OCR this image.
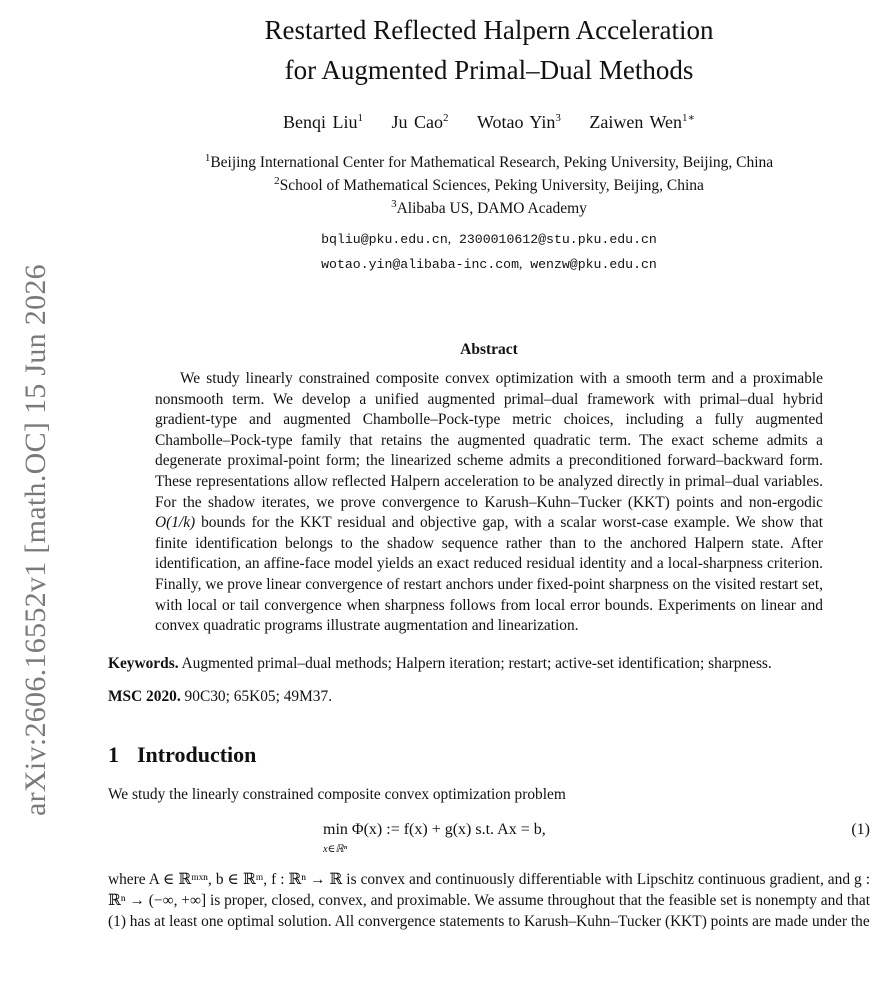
arXiv:2606.16552v1 [math.OC] 15 Jun 2026
Restarted Reflected Halpern Acceleration
for Augmented Primal–Dual Methods
Benqi Liu$^1$ Ju Cao$^2$ Wotao Yin$^3$ Zaiwen Wen$^{1∗}$
$^1$Beijing International Center for Mathematical Research, Peking University, Beijing, China
$^2$School of Mathematical Sciences, Peking University, Beijing, China
$^3$Alibaba US, DAMO Academy
bqliu@pku.edu.cn, 2300010612@stu.pku.edu.cn
wotao.yin@alibaba-inc.com, wenzw@pku.edu.cn
Abstract
We study linearly constrained composite convex optimization with a smooth term and a proximable nonsmooth term. We develop a unified augmented primal–dual framework with primal–dual hybrid gradient-type and augmented Chambolle–Pock-type metric choices, including a fully augmented Chambolle–Pock-type family that retains the augmented quadratic term. The exact scheme admits a degenerate proximal-point form; the linearized scheme admits a preconditioned forward–backward form. These representations allow reflected Halpern acceleration to be analyzed directly in primal–dual variables. For the shadow iterates, we prove convergence to Karush–Kuhn–Tucker (KKT) points and non-ergodic O(1/k) bounds for the KKT residual and objective gap, with a scalar worst-case example. We show that finite identification belongs to the shadow sequence rather than to the anchored Halpern state. After identification, an affine-face model yields an exact reduced residual identity and a local-sharpness criterion. Finally, we prove linear convergence of restart anchors under fixed-point sharpness on the visited restart set, with local or tail convergence when sharpness follows from local error bounds. Experiments on linear and convex quadratic programs illustrate augmentation and linearization.
Keywords. Augmented primal–dual methods; Halpern iteration; restart; active-set identification; sharpness.
MSC 2020. 90C30; 65K05; 49M37.
1 Introduction
We study the linearly constrained composite convex optimization problem
min Φ(x) := f(x) + g(x) s.t. Ax = b,
x∈ℝⁿ
(1)
where A ∈ ℝᵐˣⁿ, b ∈ ℝᵐ, f : ℝⁿ → ℝ is convex and continuously differentiable with Lipschitz continuous gradient, and g : ℝⁿ → (−∞, +∞] is proper, closed, convex, and proximable. We assume throughout that the feasible set is nonempty and that (1) has at least one optimal solution. All convergence statements to Karush–Kuhn–Tucker (KKT) points are made under the
